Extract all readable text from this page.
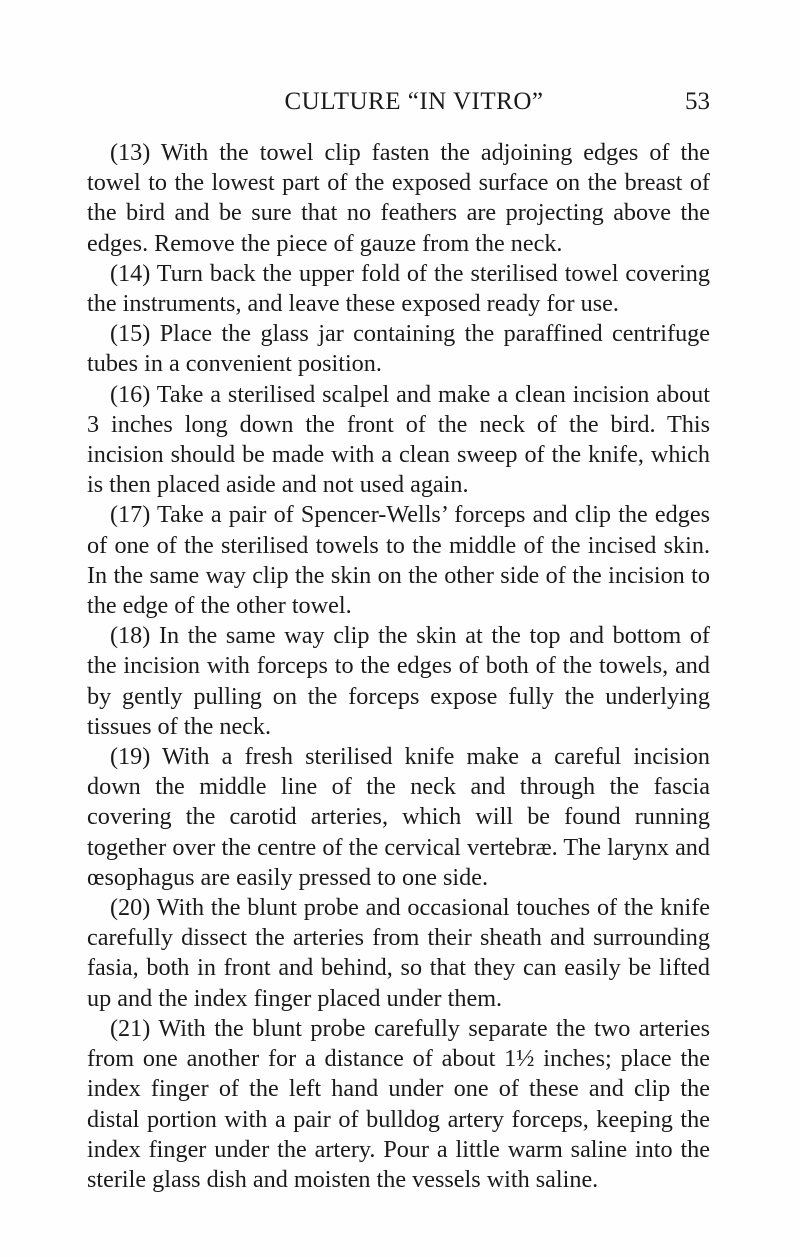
CULTURE “IN VITRO”	53

(13) With the towel clip fasten the adjoining edges of the towel to the lowest part of the exposed surface on the breast of the bird and be sure that no feathers are projecting above the edges. Remove the piece of gauze from the neck.

(14) Turn back the upper fold of the sterilised towel covering the instruments, and leave these exposed ready for use.

(15) Place the glass jar containing the paraffined centrifuge tubes in a convenient position.

(16) Take a sterilised scalpel and make a clean incision about 3 inches long down the front of the neck of the bird. This incision should be made with a clean sweep of the knife, which is then placed aside and not used again.

(17) Take a pair of Spencer-Wells’ forceps and clip the edges of one of the sterilised towels to the middle of the incised skin. In the same way clip the skin on the other side of the incision to the edge of the other towel.

(18) In the same way clip the skin at the top and bottom of the incision with forceps to the edges of both of the towels, and by gently pulling on the forceps expose fully the underlying tissues of the neck.

(19) With a fresh sterilised knife make a careful incision down the middle line of the neck and through the fascia covering the carotid arteries, which will be found running together over the centre of the cervical vertebræ. The larynx and œsophagus are easily pressed to one side.

(20) With the blunt probe and occasional touches of the knife carefully dissect the arteries from their sheath and surrounding fasia, both in front and behind, so that they can easily be lifted up and the index finger placed under them.

(21) With the blunt probe carefully separate the two arteries from one another for a distance of about 1½ inches; place the index finger of the left hand under one of these and clip the distal portion with a pair of bulldog artery forceps, keeping the index finger under the artery. Pour a little warm saline into the sterile glass dish and moisten the vessels with saline.
